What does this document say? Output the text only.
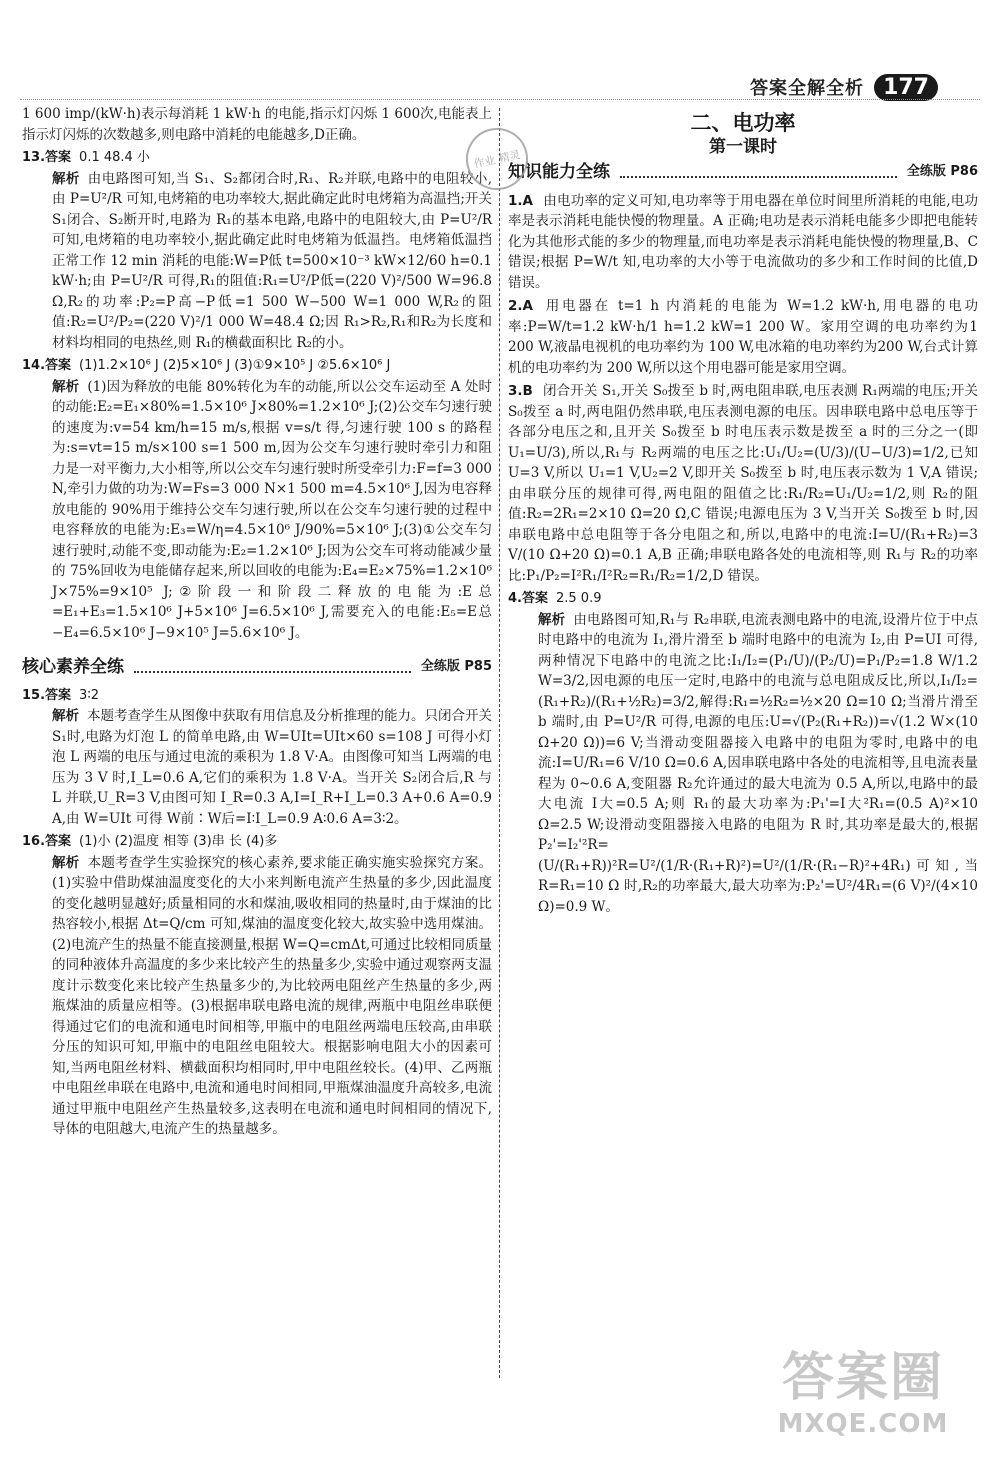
答案全解全析 177
1 600 imp/(kW·h)表示每消耗 1 kW·h 的电能,指示灯闪烁 1 600次,电能表上指示灯闪烁的次数越多,则电路中消耗的电能越多,D正确。
13.答案 0.1 48.4 小
解析 由电路图可知,当 S₁、S₂都闭合时,R₁、R₂并联,电路中的电阻较小,由 P=U²/R 可知,电烤箱的电功率较大,据此确定此时电烤箱为高温挡;开关 S₁闭合、S₂断开时,电路为 R₁的基本电路,电路中的电阻较大,由 P=U²/R 可知,电烤箱的电功率较小,据此确定此时电烤箱为低温挡。电烤箱低温挡正常工作 12 min 消耗的电能:W=P低 t=500×10⁻³ kW×12/60 h=0.1 kW·h;由 P=U²/R 可得,R₁的阻值:R₁=U²/P低=(220 V)²/500 W=96.8 Ω,R₂的功率:P₂=P高−P低=1 500 W−500 W=1 000 W,R₂的阻值:R₂=U²/P₂=(220 V)²/1 000 W=48.4 Ω;因 R₁>R₂,R₁和R₂为长度和材料均相同的电热丝,则 R₁的横截面积比 R₂的小。
14.答案 (1)1.2×10⁶ J (2)5×10⁶ J (3)①9×10⁵ J ②5.6×10⁶ J
解析 (1)因为释放的电能 80%转化为车的动能,所以公交车运动至 A 处时的动能:E₂=E₁×80%=1.5×10⁶ J×80%=1.2×10⁶ J;(2)公交车匀速行驶的速度为:v=54 km/h=15 m/s,根据 v=s/t 得,匀速行驶 100 s 的路程为:s=vt=15 m/s×100 s=1 500 m,因为公交车匀速行驶时牵引力和阻力是一对平衡力,大小相等,所以公交车匀速行驶时所受牵引力:F=f=3 000 N,牵引力做的功为:W=Fs=3 000 N×1 500 m=4.5×10⁶ J,因为电容释放电能的 90%用于维持公交车匀速行驶,所以在公交车匀速行驶的过程中电容释放的电能为:E₃=W/η=4.5×10⁶ J/90%=5×10⁶ J;(3)①公交车匀速行驶时,动能不变,即动能为:E₂=1.2×10⁶ J;因为公交车可将动能减少量的 75%回收为电能储存起来,所以回收的电能为:E₄=E₂×75%=1.2×10⁶ J×75%=9×10⁵ J;②阶段一和阶段二释放的电能为:E总=E₁+E₃=1.5×10⁶ J+5×10⁶ J=6.5×10⁶ J,需要充入的电能:E₅=E总−E₄=6.5×10⁶ J−9×10⁵ J=5.6×10⁶ J。
核心素养全练	全练版 P85
15.答案 3∶2
解析 本题考查学生从图像中获取有用信息及分析推理的能力。只闭合开关 S₁时,电路为灯泡 L 的简单电路,由 W=UIt=UIt×60 s=108 J 可得小灯泡 L 两端的电压与通过电流的乘积为 1.8 V·A。由图像可知当 L两端的电压为 3 V 时,I_L=0.6 A,它们的乘积为 1.8 V·A。当开关 S₂闭合后,R 与 L 并联,U_R=3 V,由图可知 I_R=0.3 A,I=I_R+I_L=0.3 A+0.6 A=0.9 A,由 W=UIt 可得 W前∶W后=I∶I_L=0.9 A∶0.6 A=3∶2。
16.答案 (1)小 (2)温度 相等 (3)串 长 (4)多
解析 本题考查学生实验探究的核心素养,要求能正确实施实验探究方案。(1)实验中借助煤油温度变化的大小来判断电流产生热量的多少,因此温度的变化越明显越好;质量相同的水和煤油,吸收相同的热量时,由于煤油的比热容较小,根据 Δt=Q/cm 可知,煤油的温度变化较大,故实验中选用煤油。(2)电流产生的热量不能直接测量,根据 W=Q=cmΔt,可通过比较相同质量的同种液体升高温度的多少来比较产生的热量多少,实验中通过观察两支温度计示数变化来比较产生热量多少的,为比较两电阻丝产生热量的多少,两瓶煤油的质量应相等。(3)根据串联电路电流的规律,两瓶中电阻丝串联便得通过它们的电流和通电时间相等,甲瓶中的电阻丝两端电压较高,由串联分压的知识可知,甲瓶中的电阻丝电阻较大。根据影响电阻大小的因素可知,当两电阻丝材料、横截面积均相同时,甲中电阻丝较长。(4)甲、乙两瓶中电阻丝串联在电路中,电流和通电时间相同,甲瓶煤油温度升高较多,电流通过甲瓶中电阻丝产生热量较多,这表明在电流和通电时间相同的情况下,导体的电阻越大,电流产生的热量越多。
二、电功率
第一课时
知识能力全练	全练版 P86
1.A 由电功率的定义可知,电功率等于用电器在单位时间里所消耗的电能,电功率是表示消耗电能快慢的物理量。A 正确;电功是表示消耗电能多少即把电能转化为其他形式能的多少的物理量,而电功率是表示消耗电能快慢的物理量,B、C 错误;根据 P=W/t 知,电功率的大小等于电流做功的多少和工作时间的比值,D 错误。
2.A 用电器在 t=1 h 内消耗的电能为 W=1.2 kW·h,用电器的电功率:P=W/t=1.2 kW·h/1 h=1.2 kW=1 200 W。家用空调的电功率约为1 200 W,液晶电视机的电功率约为 100 W,电冰箱的电功率约为200 W,台式计算机的电功率约为 200 W,所以这个用电器可能是家用空调。
3.B 闭合开关 S₁,开关 S₀拨至 b 时,两电阻串联,电压表测 R₁两端的电压;开关 S₀拨至 a 时,两电阻仍然串联,电压表测电源的电压。因串联电路中总电压等于各部分电压之和,且开关 S₀拨至 b 时电压表示数是拨至 a 时的三分之一(即 U₁=U/3),所以,R₁与 R₂两端的电压之比:U₁/U₂=(U/3)/(U−U/3)=1/2,已知 U=3 V,所以 U₁=1 V,U₂=2 V,即开关 S₀拨至 b 时,电压表示数为 1 V,A 错误;由串联分压的规律可得,两电阻的阻值之比:R₁/R₂=U₁/U₂=1/2,则 R₂的阻值:R₂=2R₁=2×10 Ω=20 Ω,C 错误;电源电压为 3 V,当开关 S₀拨至 b 时,因串联电路中总电阻等于各分电阻之和,所以,电路中的电流:I=U/(R₁+R₂)=3 V/(10 Ω+20 Ω)=0.1 A,B 正确;串联电路各处的电流相等,则 R₁与 R₂的功率比:P₁/P₂=I²R₁/I²R₂=R₁/R₂=1/2,D 错误。
4.答案 2.5 0.9
解析 由电路图可知,R₁与 R₂串联,电流表测电路中的电流,设滑片位于中点时电路中的电流为 I₁,滑片滑至 b 端时电路中的电流为 I₂,由 P=UI 可得,两种情况下电路中的电流之比:I₁/I₂=(P₁/U)/(P₂/U)=P₁/P₂=1.8 W/1.2 W=3/2,因电源的电压一定时,电路中的电流与总电阻成反比,所以,I₁/I₂=(R₁+R₂)/(R₁+½R₂)=3/2,解得:R₁=½R₂=½×20 Ω=10 Ω;当滑片滑至 b 端时,由 P=U²/R 可得,电源的电压:U=√(P₂(R₁+R₂))=√(1.2 W×(10 Ω+20 Ω))=6 V;当滑动变阻器接入电路中的电阻为零时,电路中的电流:I=U/R₁=6 V/10 Ω=0.6 A,因串联电路中各处的电流相等,且电流表量程为 0~0.6 A,变阻器 R₂允许通过的最大电流为 0.5 A,所以,电路中的最大电流 I大=0.5 A;则 R₁的最大功率为:P₁'=I大²R₁=(0.5 A)²×10 Ω=2.5 W;设滑动变阻器接入电路的电阻为 R 时,其功率是最大的,根据P₂'=I₂'²R=(U/(R₁+R))²R=U²/(1/R·(R₁+R)²)=U²/(1/R·(R₁−R)²+4R₁)可知,当 R=R₁=10 Ω 时,R₂的功率最大,最大功率为:P₂'=U²/4R₁=(6 V)²/(4×10 Ω)=0.9 W。
作业 精灵
答案圈
MXQE.COM
